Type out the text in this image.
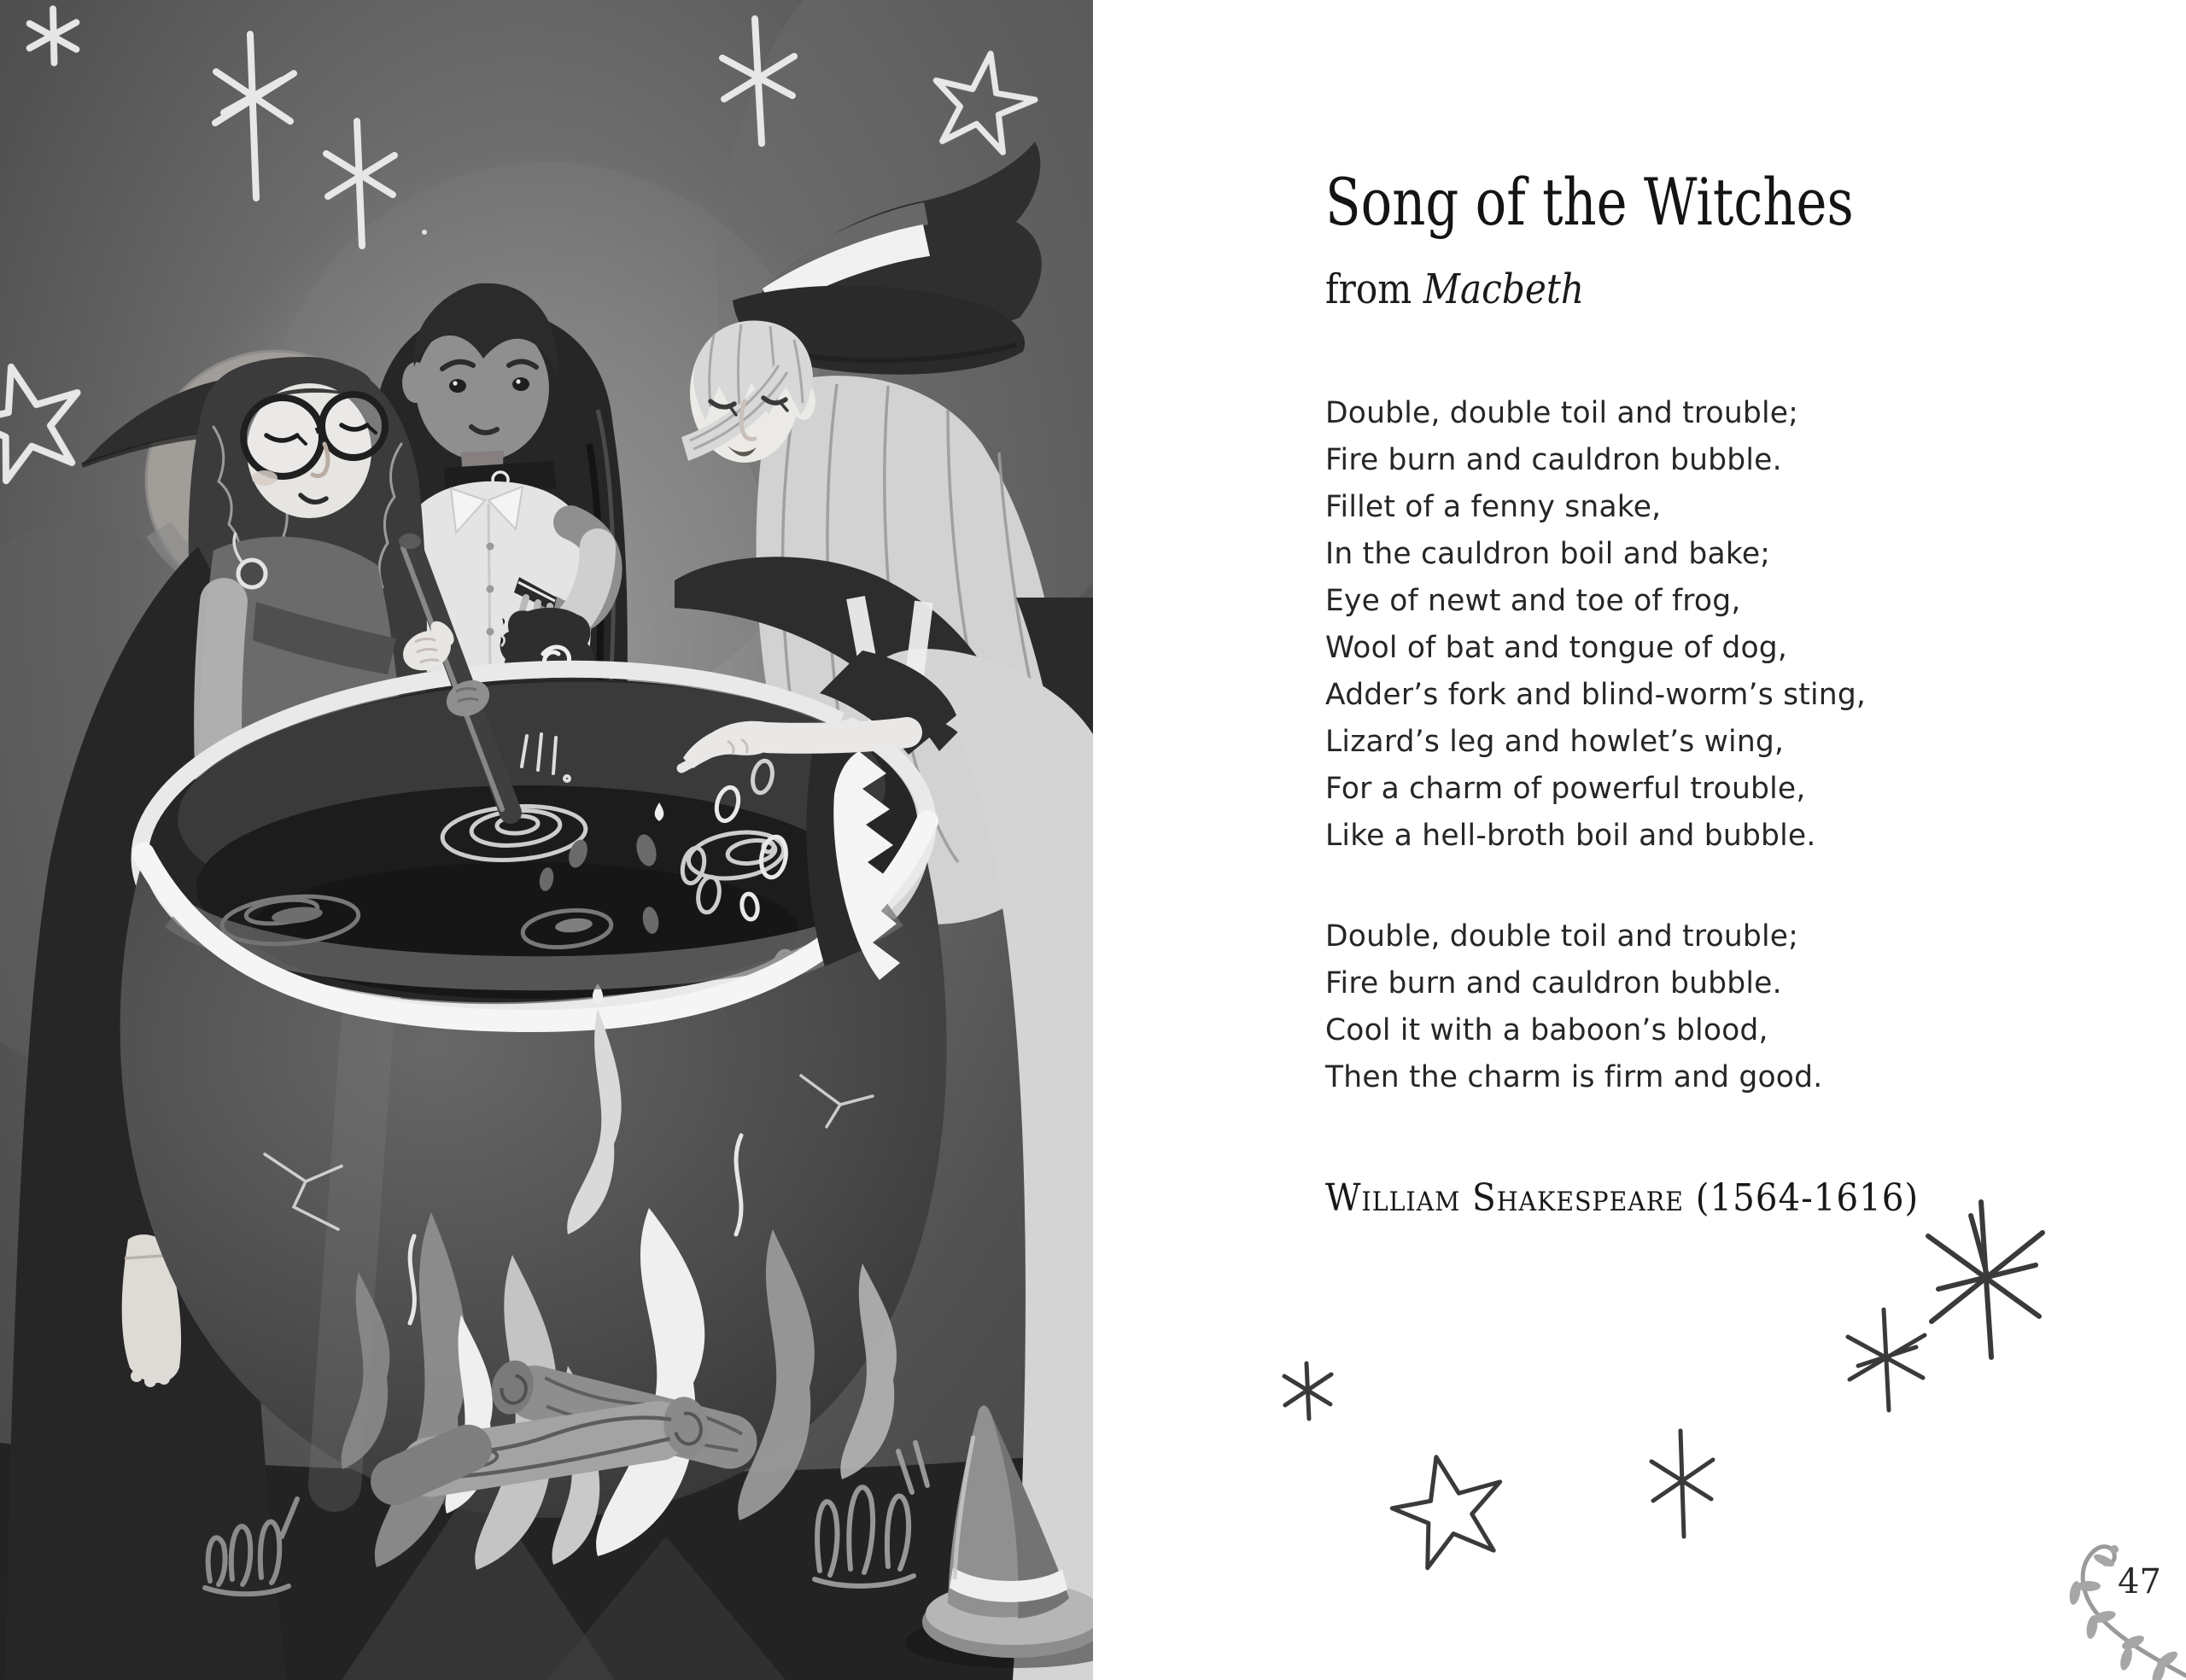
Song of the Witches
from Macbeth

Double, double toil and trouble;

Fire burn and cauldron bubble.

Fillet of a fenny snake,

In the cauldron boil and bake;

Eye of newt and toe of frog,

Wool of bat and tongue of dog,

Adder’s fork and blind-worm’s sting,

Lizard’s leg and howlet’s wing,

For a charm of powerful trouble,

Like a hell-broth boil and bubble.

Double, double toil and trouble;

Fire burn and cauldron bubble.

Cool it with a baboon’s blood,

Then the charm is firm and good.

William Shakespeare (1564-1616)
47
